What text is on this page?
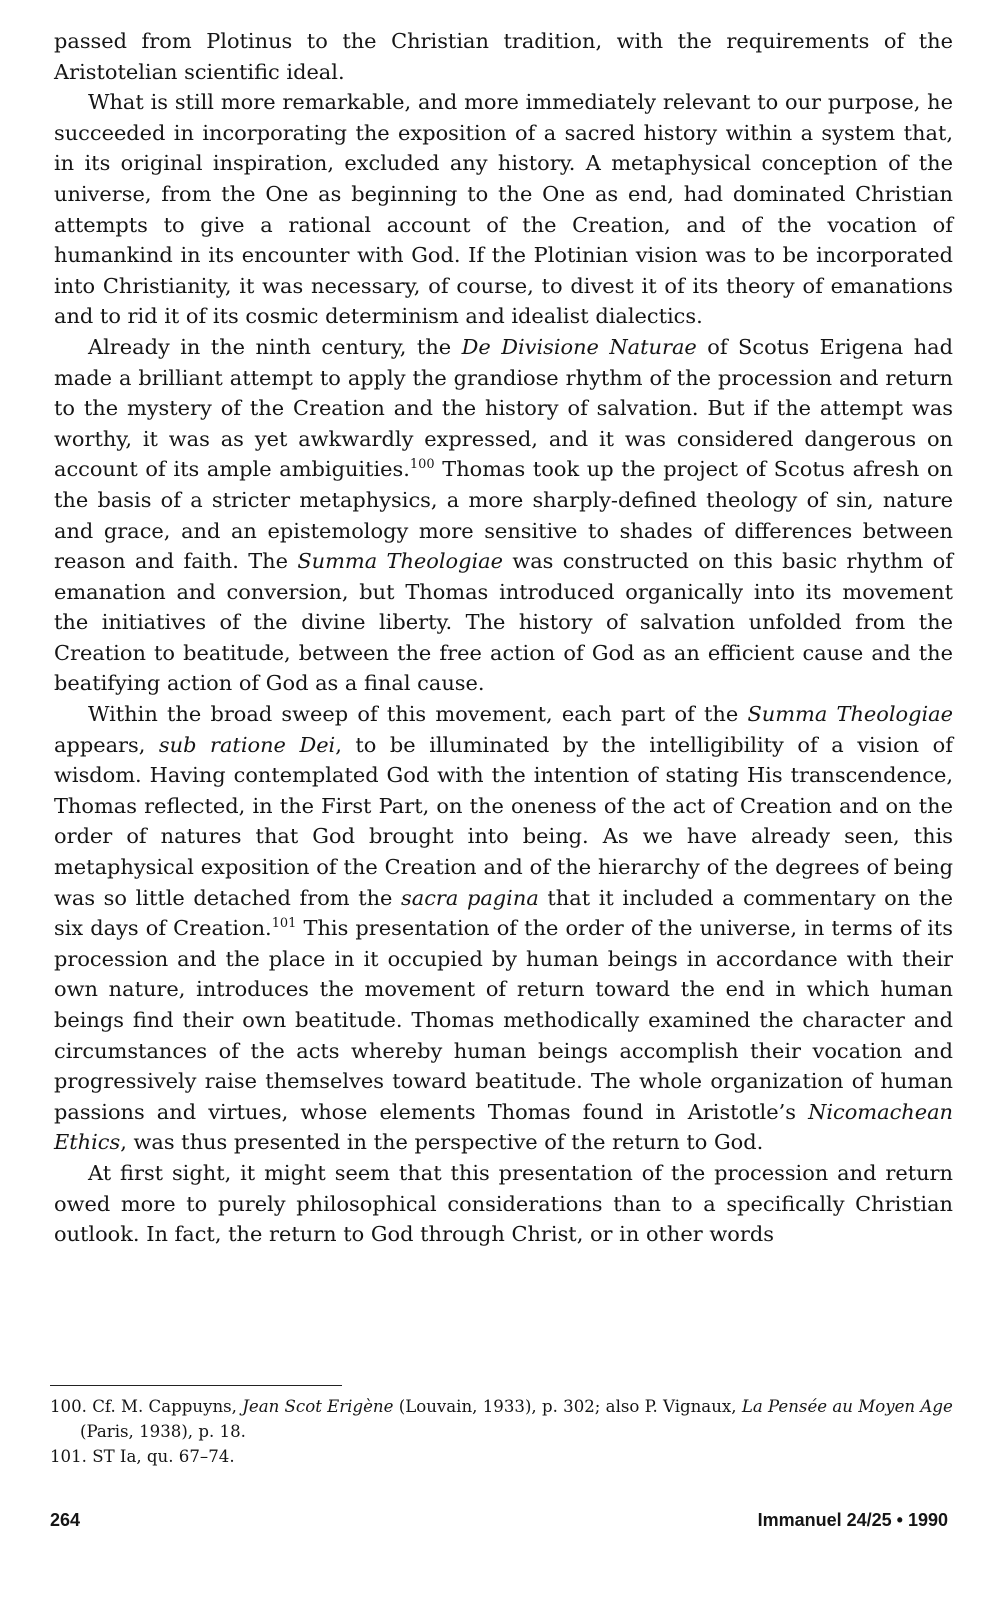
passed from Plotinus to the Christian tradition, with the requirements of the Aristotelian scientific ideal.

What is still more remarkable, and more immediately relevant to our purpose, he succeeded in incorporating the exposition of a sacred history within a system that, in its original inspiration, excluded any history. A metaphysical conception of the universe, from the One as beginning to the One as end, had dominated Christian attempts to give a rational account of the Creation, and of the vocation of humankind in its encounter with God. If the Plotinian vision was to be incorporated into Christianity, it was necessary, of course, to divest it of its theory of emanations and to rid it of its cosmic determinism and idealist dialectics.

Already in the ninth century, the De Divisione Naturae of Scotus Erigena had made a brilliant attempt to apply the grandiose rhythm of the procession and return to the mystery of the Creation and the history of salvation. But if the attempt was worthy, it was as yet awkwardly expressed, and it was considered dangerous on account of its ample ambiguities.$^{100}$ Thomas took up the project of Scotus afresh on the basis of a stricter metaphysics, a more sharply-defined theology of sin, nature and grace, and an epistemology more sensitive to shades of differences between reason and faith. The Summa Theologiae was constructed on this basic rhythm of emanation and conversion, but Thomas introduced organically into its movement the initiatives of the divine liberty. The history of salvation unfolded from the Creation to beatitude, between the free action of God as an efficient cause and the beatifying action of God as a final cause.

Within the broad sweep of this movement, each part of the Summa Theologiae appears, sub ratione Dei, to be illuminated by the intelligibility of a vision of wisdom. Having contemplated God with the intention of stating His transcendence, Thomas reflected, in the First Part, on the oneness of the act of Creation and on the order of natures that God brought into being. As we have already seen, this metaphysical exposition of the Creation and of the hierarchy of the degrees of being was so little detached from the sacra pagina that it included a commentary on the six days of Creation.$^{101}$ This presentation of the order of the universe, in terms of its procession and the place in it occupied by human beings in accordance with their own nature, introduces the movement of return toward the end in which human beings find their own beatitude. Thomas methodically examined the character and circumstances of the acts whereby human beings accomplish their vocation and progressively raise themselves toward beatitude. The whole organization of human passions and virtues, whose elements Thomas found in Aristotle’s Nicomachean Ethics, was thus presented in the perspective of the return to God.

At first sight, it might seem that this presentation of the procession and return owed more to purely philosophical considerations than to a specifically Christian outlook. In fact, the return to God through Christ, or in other words

100. Cf. M. Cappuyns, Jean Scot Erigène (Louvain, 1933), p. 302; also P. Vignaux, La Pensée au Moyen Age (Paris, 1938), p. 18.

101. ST Ia, qu. 67–74.

264	Immanuel 24/25 • 1990
